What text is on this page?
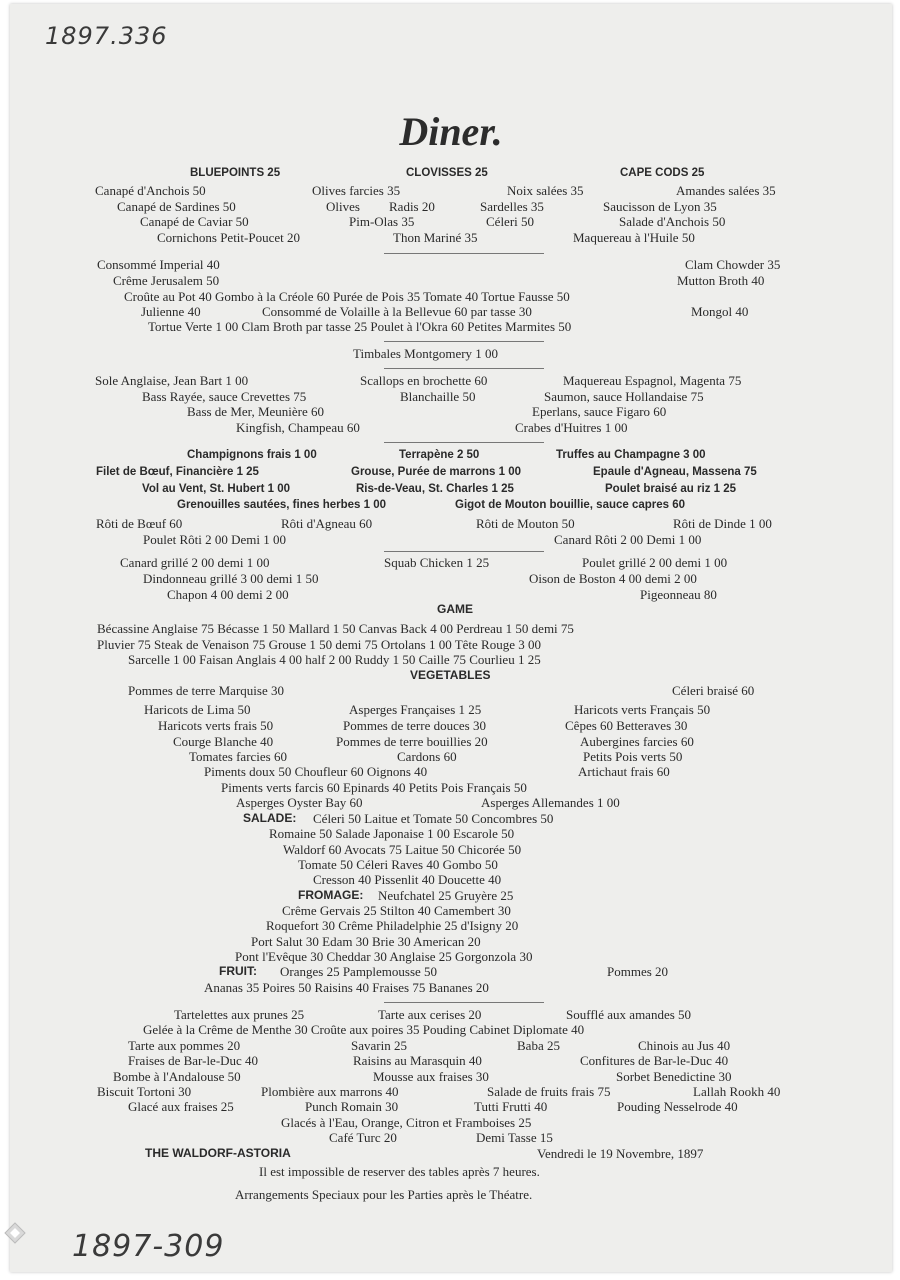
1897.336
Diner.
BLUEPOINTS 25	CLOVISSES 25	CAPE CODS 25
Canapé d'Anchois 50	Olives farcies 35	Noix salées 35	Amandes salées 35
Canapé de Sardines 50	Olives Radis 20	Sardelles 35	Saucisson de Lyon 35
Canapé de Caviar 50	Pim-Olas 35	Céleri 50	Salade d'Anchois 50
Cornichons Petit-Poucet 20	Thon Mariné 35	Maquereau à l'Huile 50
Consommé Imperial 40	Clam Chowder 35
Crême Jerusalem 50	Mutton Broth 40
Croûte au Pot 40 Gombo à la Créole 60 Purée de Pois 35 Tomate 40 Tortue Fausse 50
Julienne 40	Consommé de Volaille à la Bellevue 60 par tasse 30	Mongol 40
Tortue Verte 1 00 Clam Broth par tasse 25 Poulet à l'Okra 60 Petites Marmites 50
Timbales Montgomery 1 00
Sole Anglaise, Jean Bart 1 00	Scallops en brochette 60	Maquereau Espagnol, Magenta 75
Bass Rayée, sauce Crevettes 75	Blanchaille 50	Saumon, sauce Hollandaise 75
Bass de Mer, Meunière 60	Eperlans, sauce Figaro 60
Kingfish, Champeau 60	Crabes d'Huitres 1 00
Champignons frais 1 00	Terrapène 2 50	Truffes au Champagne 3 00
Filet de Bœuf, Financière 1 25	Grouse, Purée de marrons 1 00	Epaule d'Agneau, Massena 75
Vol au Vent, St. Hubert 1 00	Ris-de-Veau, St. Charles 1 25	Poulet braisé au riz 1 25
Grenouilles sautées, fines herbes 1 00	Gigot de Mouton bouillie, sauce capres 60
Rôti de Bœuf 60	Rôti d'Agneau 60	Rôti de Mouton 50	Rôti de Dinde 1 00
Poulet Rôti 2 00 Demi 1 00	Canard Rôti 2 00 Demi 1 00
Canard grillé 2 00 demi 1 00	Squab Chicken 1 25	Poulet grillé 2 00 demi 1 00
Dindonneau grillé 3 00 demi 1 50	Oison de Boston 4 00 demi 2 00
Chapon 4 00 demi 2 00	Pigeonneau 80
GAME
Bécassine Anglaise 75 Bécasse 1 50 Mallard 1 50 Canvas Back 4 00 Perdreau 1 50 demi 75
Pluvier 75 Steak de Venaison 75 Grouse 1 50 demi 75 Ortolans 1 00 Tête Rouge 3 00
Sarcelle 1 00 Faisan Anglais 4 00 half 2 00 Ruddy 1 50 Caille 75 Courlieu 1 25
VEGETABLES
Pommes de terre Marquise 30	Céleri braisé 60
Haricots de Lima 50	Asperges Françaises 1 25	Haricots verts Français 50
Haricots verts frais 50	Pommes de terre douces 30	Cêpes 60 Betteraves 30
Courge Blanche 40	Pommes de terre bouillies 20	Aubergines farcies 60
Tomates farcies 60	Cardons 60	Petits Pois verts 50
Piments doux 50 Choufleur 60 Oignons 40	Artichaut frais 60
Piments verts farcis 60 Epinards 40 Petits Pois Français 50
Asperges Oyster Bay 60	Asperges Allemandes 1 00
SALADE: Céleri 50 Laitue et Tomate 50 Concombres 50
Romaine 50 Salade Japonaise 1 00 Escarole 50
Waldorf 60 Avocats 75 Laitue 50 Chicorée 50
Tomate 50 Céleri Raves 40 Gombo 50
Cresson 40 Pissenlit 40 Doucette 40
FROMAGE: Neufchatel 25 Gruyère 25
Crême Gervais 25 Stilton 40 Camembert 30
Roquefort 30 Crême Philadelphie 25 d'Isigny 20
Port Salut 30 Edam 30 Brie 30 American 20
Pont l'Evêque 30 Cheddar 30 Anglaise 25 Gorgonzola 30
FRUIT: Oranges 25 Pamplemousse 50	Pommes 20
Ananas 35 Poires 50 Raisins 40 Fraises 75 Bananes 20
Tartelettes aux prunes 25	Tarte aux cerises 20	Soufflé aux amandes 50
Gelée à la Crême de Menthe 30 Croûte aux poires 35 Pouding Cabinet Diplomate 40
Tarte aux pommes 20	Savarin 25	Baba 25	Chinois au Jus 40
Fraises de Bar-le-Duc 40	Raisins au Marasquin 40	Confitures de Bar-le-Duc 40
Bombe à l'Andalouse 50	Mousse aux fraises 30	Sorbet Benedictine 30
Biscuit Tortoni 30	Plombière aux marrons 40	Salade de fruits frais 75	Lallah Rookh 40
Glacé aux fraises 25	Punch Romain 30	Tutti Frutti 40	Pouding Nesselrode 40
Glacés à l'Eau, Orange, Citron et Framboises 25
Café Turc 20	Demi Tasse 15
THE WALDORF-ASTORIA	Vendredi le 19 Novembre, 1897
Il est impossible de reserver des tables après 7 heures.
Arrangements Speciaux pour les Parties après le Théatre.
1897-309
